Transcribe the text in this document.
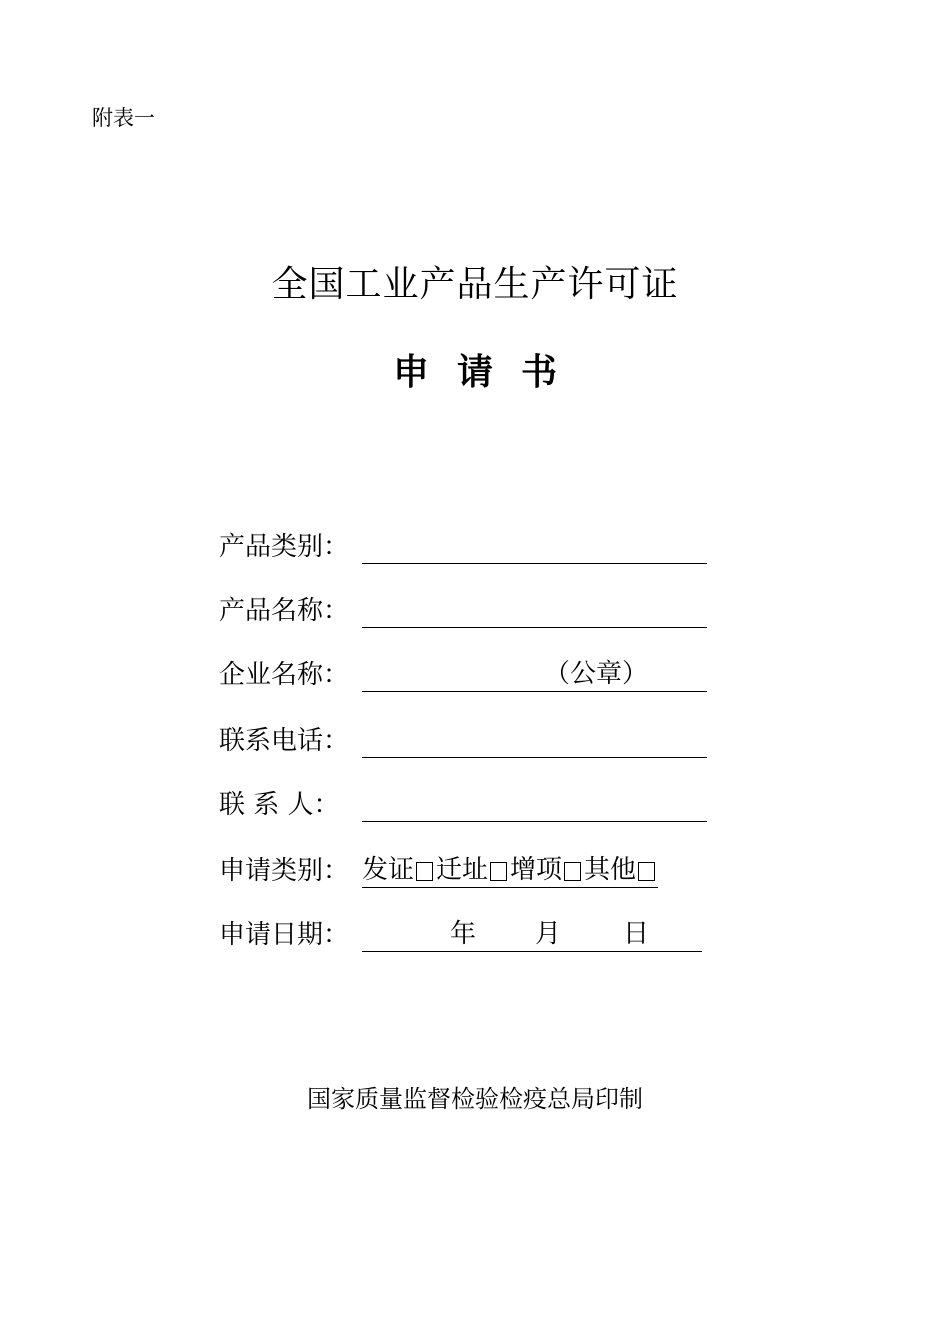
附表一
全国工业产品生产许可证
申请书
产品类别：
产品名称：
企业名称：	（公章）
联系电话：
联 系 人：
申请类别： 发证 迁址 增项 其他
申请日期：	年 月 日
国家质量监督检验检疫总局印制
